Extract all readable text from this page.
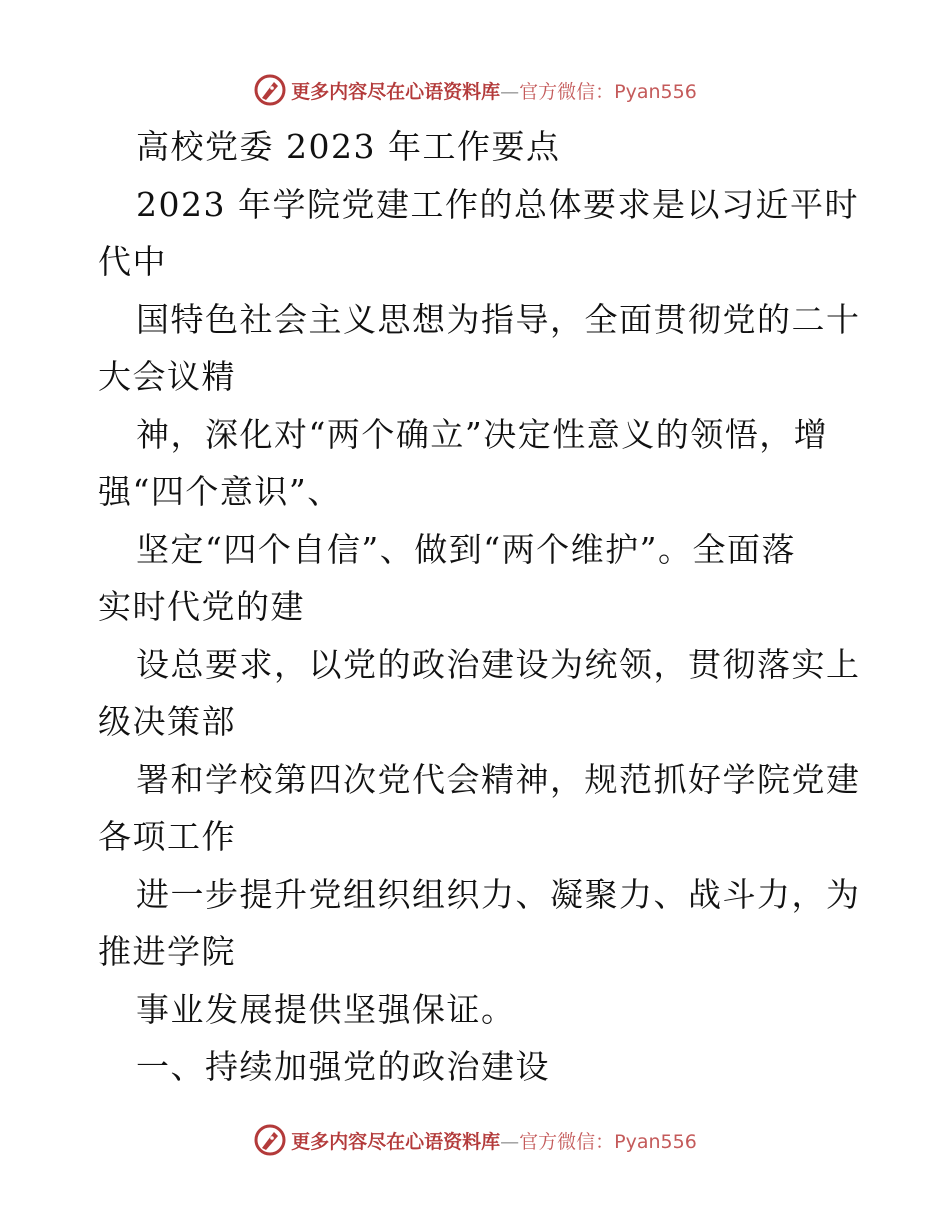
更多内容尽在心语资料库—官方微信：Pyan556
高校党委 2023 年工作要点
2023 年学院党建工作的总体要求是以习近平时
代中
国特色社会主义思想为指导，全面贯彻党的二十
大会议精
神，深化对“两个确立”决定性意义的领悟，增
强“四个意识”、
坚定“四个自信”、做到“两个维护”。全面落
实时代党的建
设总要求，以党的政治建设为统领，贯彻落实上
级决策部
署和学校第四次党代会精神，规范抓好学院党建
各项工作
进一步提升党组织组织力、凝聚力、战斗力，为
推进学院
事业发展提供坚强保证。
一、持续加强党的政治建设
更多内容尽在心语资料库—官方微信：Pyan556
